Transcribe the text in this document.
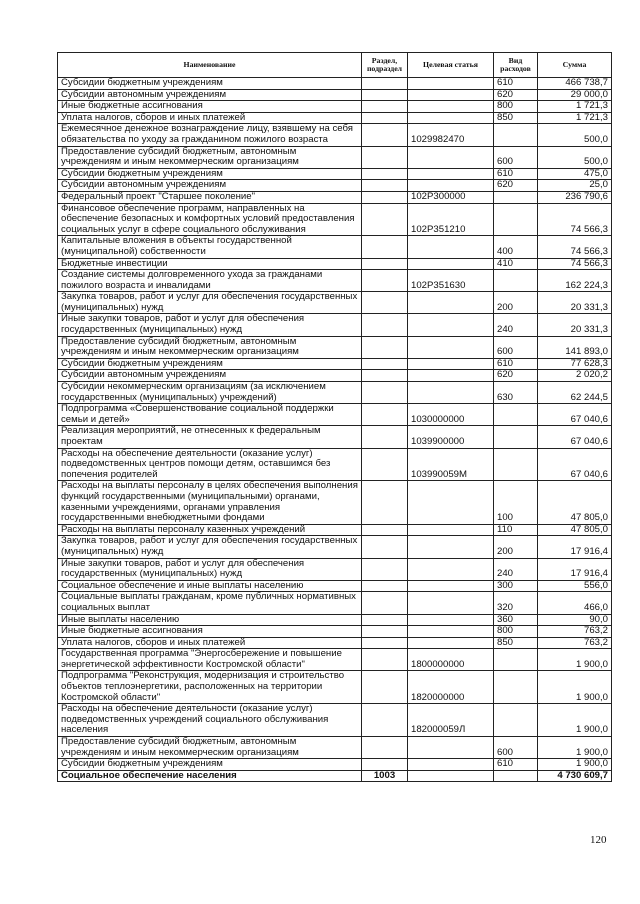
Наименование	Раздел, подраздел	Целевая статья	Вид расходов	Сумма
Субсидии бюджетным учреждениям			610	466 738,7
Субсидии автономным учреждениям			620	29 000,0
Иные бюджетные ассигнования			800	1 721,3
Уплата налогов, сборов и иных платежей			850	1 721,3
Ежемесячное денежное вознаграждение лицу, взявшему на себя обязательства по уходу за гражданином пожилого возраста		1029982470		500,0
Предоставление субсидий бюджетным, автономным учреждениям и иным некоммерческим организациям			600	500,0
Субсидии бюджетным учреждениям			610	475,0
Субсидии автономным учреждениям			620	25,0
Федеральный проект "Старшее поколение"		102P300000		236 790,6
Финансовое обеспечение программ, направленных на обеспечение безопасных и комфортных условий предоставления социальных услуг в сфере социального обслуживания		102P351210		74 566,3
Капитальные вложения в объекты государственной (муниципальной) собственности			400	74 566,3
Бюджетные инвестиции			410	74 566,3
Создание системы долговременного ухода за гражданами пожилого возраста и инвалидами		102P351630		162 224,3
Закупка товаров, работ и услуг для обеспечения государственных (муниципальных) нужд			200	20 331,3
Иные закупки товаров, работ и услуг для обеспечения государственных (муниципальных) нужд			240	20 331,3
Предоставление субсидий бюджетным, автономным учреждениям и иным некоммерческим организациям			600	141 893,0
Субсидии бюджетным учреждениям			610	77 628,3
Субсидии автономным учреждениям			620	2 020,2
Субсидии некоммерческим организациям (за исключением государственных (муниципальных) учреждений)			630	62 244,5
Подпрограмма «Совершенствование социальной поддержки семьи и детей»		1030000000		67 040,6
Реализация мероприятий, не отнесенных к федеральным проектам		1039900000		67 040,6
Расходы на обеспечение деятельности (оказание услуг) подведомственных центров помощи детям, оставшимся без попечения родителей		103990059М		67 040,6
Расходы на выплаты персоналу в целях обеспечения выполнения функций государственными (муниципальными) органами, казенными учреждениями, органами управления государственными внебюджетными фондами			100	47 805,0
Расходы на выплаты персоналу казенных учреждений			110	47 805,0
Закупка товаров, работ и услуг для обеспечения государственных (муниципальных) нужд			200	17 916,4
Иные закупки товаров, работ и услуг для обеспечения государственных (муниципальных) нужд			240	17 916,4
Социальное обеспечение и иные выплаты населению			300	556,0
Социальные выплаты гражданам, кроме публичных нормативных социальных выплат			320	466,0
Иные выплаты населению			360	90,0
Иные бюджетные ассигнования			800	763,2
Уплата налогов, сборов и иных платежей			850	763,2
Государственная программа "Энергосбережение и повышение энергетической эффективности Костромской области"		1800000000		1 900,0
Подпрограмма "Реконструкция, модернизация и строительство объектов теплоэнергетики, расположенных на территории Костромской области"		1820000000		1 900,0
Расходы на обеспечение деятельности (оказание услуг) подведомственных учреждений социального обслуживания населения		182000059Л		1 900,0
Предоставление субсидий бюджетным, автономным учреждениям и иным некоммерческим организациям			600	1 900,0
Субсидии бюджетным учреждениям			610	1 900,0
Социальное обеспечение населения	1003			4 730 609,7
120
